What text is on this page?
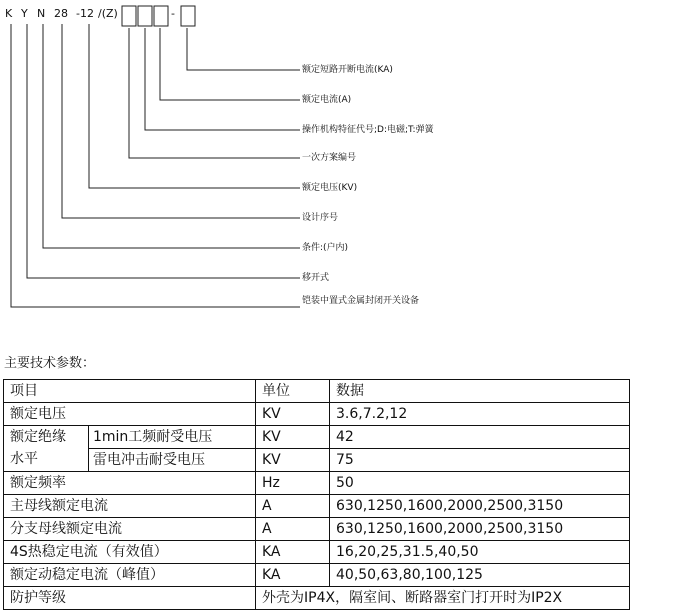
K Y N 28 -12 /(Z)	-
额定短路开断电流(KA)
额定电流(A)
操作机构特征代号;D:电磁;T:弹簧
一次方案编号
额定电压(KV)
设计序号
条件:(户内)
移开式
铠装中置式金属封闭开关设备
主要技术参数：
项目		单位	数据
额定电压		KV	3.6,7.2,12

额定绝缘
水平	1min工频耐受电压	KV	42
	雷电冲击耐受电压	KV	75
额定频率		Hz	50
主母线额定电流		A	630,1250,1600,2000,2500,3150
分支母线额定电流		A	630,1250,1600,2000,2500,3150
4S热稳定电流（有效值）		KA	16,20,25,31.5,40,50
额定动稳定电流（峰值）		KA	40,50,63,80,100,125
防护等级		外壳为IP4X，隔室间、断路器室门打开时为IP2X	
